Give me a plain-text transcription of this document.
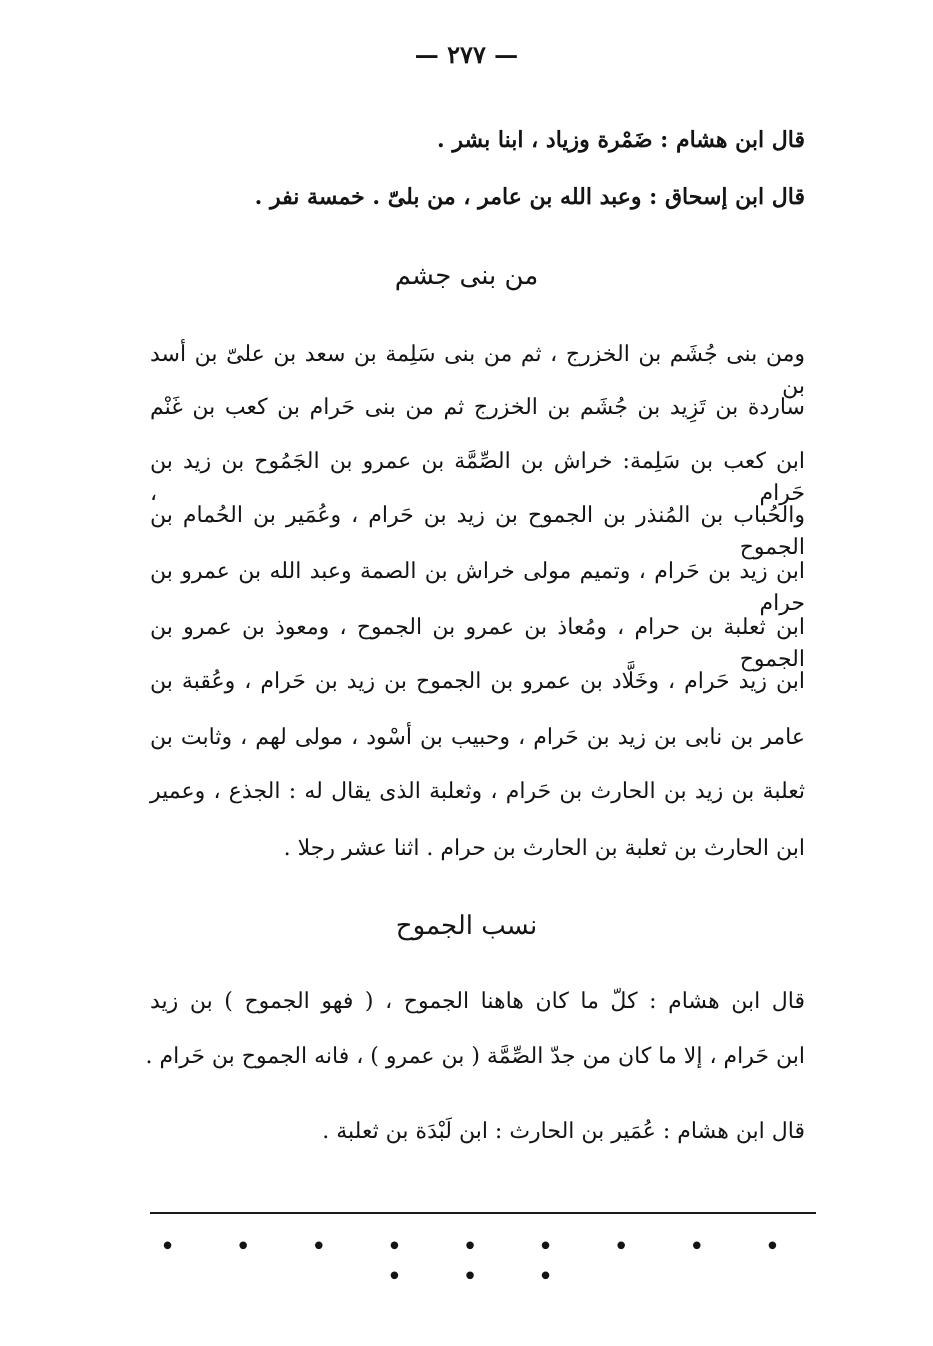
— ٢٧٧ —
قال ابن هشام : ضَمْرة وزياد ، ابنا بشر .
قال ابن إسحاق : وعبد الله بن عامر ، من بلىّ . خمسة نفر .
من بنى جشم
ومن بنى جُشَم بن الخزرج ، ثم من بنى سَلِمة بن سعد بن علىّ بن أسد بن
ساردة بن تَزِيد بن جُشَم بن الخزرج ثم من بنى حَرام بن كعب بن غَنْم
ابن كعب بن سَلِمة: خراش بن الصِّمَّة بن عمرو بن الجَمُوح بن زيد بن حَرام ،
والحُباب بن المُنذر بن الجموح بن زيد بن حَرام ، وعُمَير بن الحُمام بن الجموح
ابن زيد بن حَرام ، وتميم مولى خراش بن الصمة وعبد الله بن عمرو بن حرام
ابن ثعلبة بن حرام ، ومُعاذ بن عمرو بن الجموح ، ومعوذ بن عمرو بن الجموح
ابن زيد حَرام ، وخَلَّاد بن عمرو بن الجموح بن زيد بن حَرام ، وعُقبة بن
عامر بن نابى بن زيد بن حَرام ، وحبيب بن أسْود ، مولى لهم ، وثابت بن
ثعلبة بن زيد بن الحارث بن حَرام ، وثعلبة الذى يقال له : الجذع ، وعمير
ابن الحارث بن ثعلبة بن الحارث بن حرام . اثنا عشر رجلا .
نسب الجموح
قال ابن هشام : كلّ ما كان هاهنا الجموح ، ( فهو الجموح ) بن زيد
ابن حَرام ، إلا ما كان من جدّ الصِّمَّة ( بن عمرو ) ، فانه الجموح بن حَرام .
قال ابن هشام : عُمَير بن الحارث : ابن لَبْدَة بن ثعلبة .
• • • • • • • • • • • •
